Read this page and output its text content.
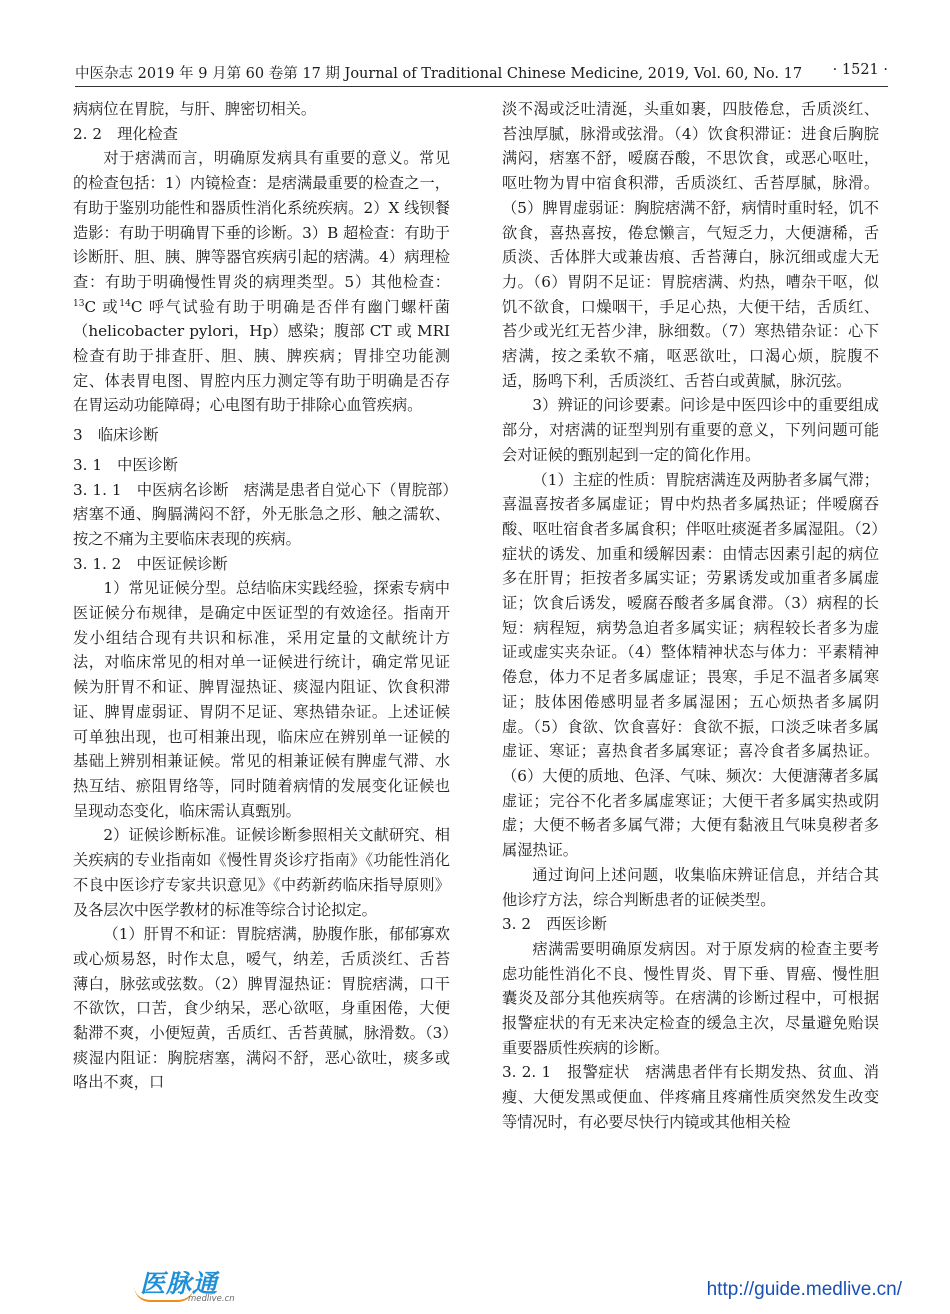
中医杂志 2019 年 9 月第 60 卷第 17 期 Journal of Traditional Chinese Medicine, 2019, Vol. 60, No. 17 · 1521 ·

病病位在胃脘，与肝、脾密切相关。

2. 2　理化检查

对于痞满而言，明确原发病具有重要的意义。常见的检查包括：1）内镜检查：是痞满最重要的检查之一，有助于鉴别功能性和器质性消化系统疾病。2）X 线钡餐造影：有助于明确胃下垂的诊断。3）B 超检查：有助于诊断肝、胆、胰、脾等器官疾病引起的痞满。4）病理检查：有助于明确慢性胃炎的病理类型。5）其他检查：$^{13}$C 或$^{14}$C 呼气试验有助于明确是否伴有幽门螺杆菌（helicobacter pylori，Hp）感染；腹部 CT 或 MRI 检查有助于排查肝、胆、胰、脾疾病；胃排空功能测定、体表胃电图、胃腔内压力测定等有助于明确是否存在胃运动功能障碍；心电图有助于排除心血管疾病。

3　临床诊断
3. 1　中医诊断

3. 1. 1　中医病名诊断　痞满是患者自觉心下（胃脘部）痞塞不通、胸膈满闷不舒，外无胀急之形、触之濡软、按之不痛为主要临床表现的疾病。

3. 1. 2　中医证候诊断

1）常见证候分型。总结临床实践经验，探索专病中医证候分布规律，是确定中医证型的有效途径。指南开发小组结合现有共识和标准，采用定量的文献统计方法，对临床常见的相对单一证候进行统计，确定常见证候为肝胃不和证、脾胃湿热证、痰湿内阻证、饮食积滞证、脾胃虚弱证、胃阴不足证、寒热错杂证。上述证候可单独出现，也可相兼出现，临床应在辨别单一证候的基础上辨别相兼证候。常见的相兼证候有脾虚气滞、水热互结、瘀阻胃络等，同时随着病情的发展变化证候也呈现动态变化，临床需认真甄别。

2）证候诊断标准。证候诊断参照相关文献研究、相关疾病的专业指南如《慢性胃炎诊疗指南》《功能性消化不良中医诊疗专家共识意见》《中药新药临床指导原则》及各层次中医学教材的标准等综合讨论拟定。

（1）肝胃不和证：胃脘痞满，胁腹作胀，郁郁寡欢或心烦易怒，时作太息，嗳气，纳差，舌质淡红、舌苔薄白，脉弦或弦数。（2）脾胃湿热证：胃脘痞满，口干不欲饮，口苦，食少纳呆，恶心欲呕，身重困倦，大便黏滞不爽，小便短黄，舌质红、舌苔黄腻，脉滑数。（3）痰湿内阻证：胸脘痞塞，满闷不舒，恶心欲吐，痰多或咯出不爽，口

淡不渴或泛吐清涎，头重如裹，四肢倦怠，舌质淡红、苔浊厚腻，脉滑或弦滑。（4）饮食积滞证：进食后胸脘满闷，痞塞不舒，嗳腐吞酸，不思饮食，或恶心呕吐，呕吐物为胃中宿食积滞，舌质淡红、舌苔厚腻，脉滑。（5）脾胃虚弱证：胸脘痞满不舒，病情时重时轻，饥不欲食，喜热喜按，倦怠懒言，气短乏力，大便溏稀，舌质淡、舌体胖大或兼齿痕、舌苔薄白，脉沉细或虚大无力。（6）胃阴不足证：胃脘痞满、灼热，嘈杂干呕，似饥不欲食，口燥咽干，手足心热，大便干结，舌质红、苔少或光红无苔少津，脉细数。（7）寒热错杂证：心下痞满，按之柔软不痛，呕恶欲吐，口渴心烦，脘腹不适，肠鸣下利，舌质淡红、舌苔白或黄腻，脉沉弦。

3）辨证的问诊要素。问诊是中医四诊中的重要组成部分，对痞满的证型判别有重要的意义，下列问题可能会对证候的甄别起到一定的简化作用。

（1）主症的性质：胃脘痞满连及两胁者多属气滞；喜温喜按者多属虚证；胃中灼热者多属热证；伴嗳腐吞酸、呕吐宿食者多属食积；伴呕吐痰涎者多属湿阻。（2）症状的诱发、加重和缓解因素：由情志因素引起的病位多在肝胃；拒按者多属实证；劳累诱发或加重者多属虚证；饮食后诱发，嗳腐吞酸者多属食滞。（3）病程的长短：病程短，病势急迫者多属实证；病程较长者多为虚证或虚实夹杂证。（4）整体精神状态与体力：平素精神倦怠，体力不足者多属虚证；畏寒，手足不温者多属寒证；肢体困倦感明显者多属湿困；五心烦热者多属阴虚。（5）食欲、饮食喜好：食欲不振，口淡乏味者多属虚证、寒证；喜热食者多属寒证；喜冷食者多属热证。（6）大便的质地、色泽、气味、频次：大便溏薄者多属虚证；完谷不化者多属虚寒证；大便干者多属实热或阴虚；大便不畅者多属气滞；大便有黏液且气味臭秽者多属湿热证。

通过询问上述问题，收集临床辨证信息，并结合其他诊疗方法，综合判断患者的证候类型。

3. 2　西医诊断

痞满需要明确原发病因。对于原发病的检查主要考虑功能性消化不良、慢性胃炎、胃下垂、胃癌、慢性胆囊炎及部分其他疾病等。在痞满的诊断过程中，可根据报警症状的有无来决定检查的缓急主次，尽量避免贻误重要器质性疾病的诊断。

3. 2. 1　报警症状　痞满患者伴有长期发热、贫血、消瘦、大便发黑或便血、伴疼痛且疼痛性质突然发生改变等情况时，有必要尽快行内镜或其他相关检

医脉通
medlive.cn	http://guide.medlive.cn/
